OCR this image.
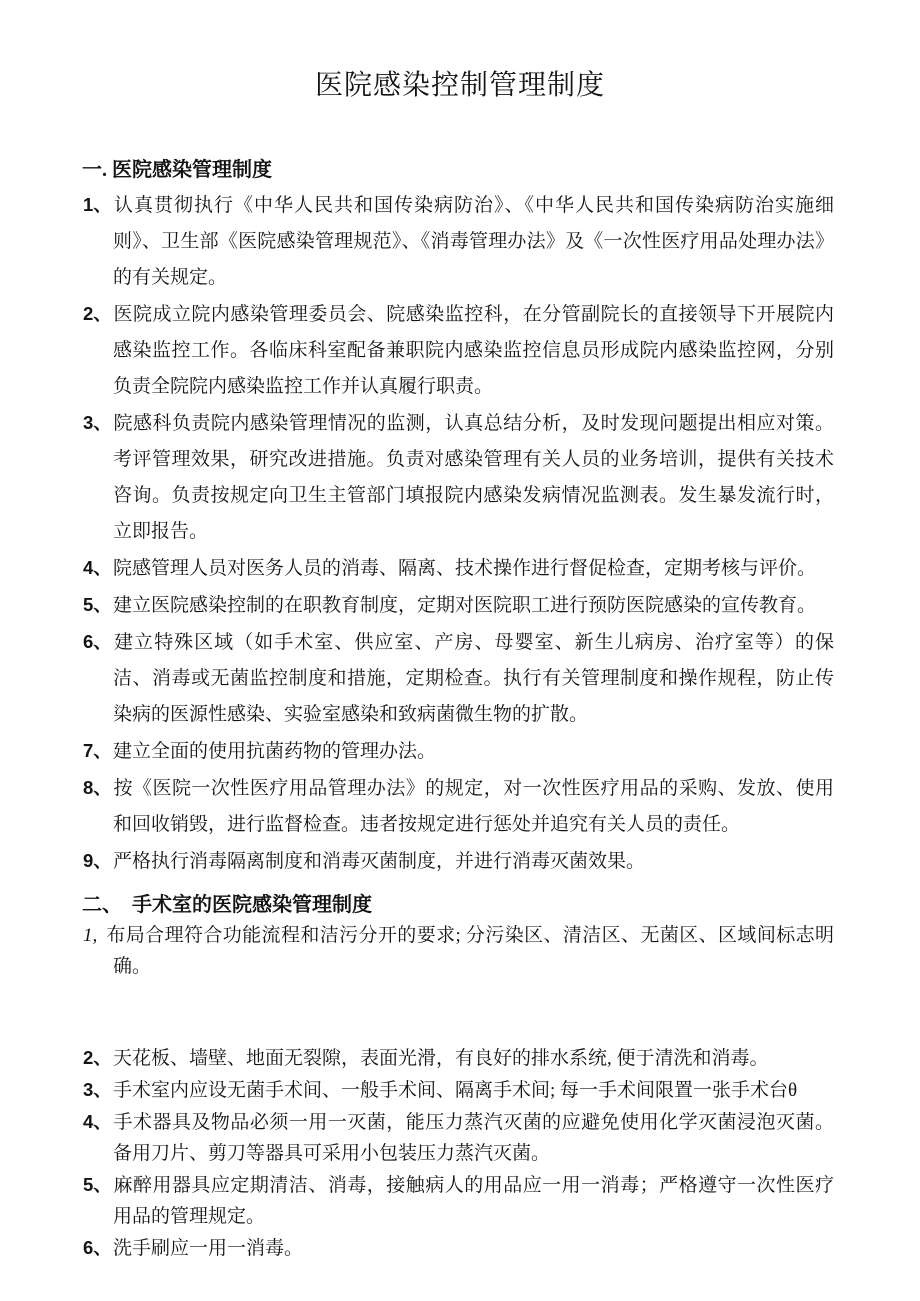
医院感染控制管理制度
一. 医院感染管理制度

1、认真贯彻执行《中华人民共和国传染病防治》、《中华人民共和国传染病防治实施细则》、卫生部《医院感染管理规范》、《消毒管理办法》及《一次性医疗用品处理办法》的有关规定。

2、医院成立院内感染管理委员会、院感染监控科，在分管副院长的直接领导下开展院内感染监控工作。各临床科室配备兼职院内感染监控信息员形成院内感染监控网，分别负责全院院内感染监控工作并认真履行职责。

3、院感科负责院内感染管理情况的监测，认真总结分析，及时发现问题提出相应对策。考评管理效果，研究改进措施。负责对感染管理有关人员的业务培训，提供有关技术咨询。负责按规定向卫生主管部门填报院内感染发病情况监测表。发生暴发流行时，立即报告。

4、院感管理人员对医务人员的消毒、隔离、技术操作进行督促检查，定期考核与评价。

5、建立医院感染控制的在职教育制度，定期对医院职工进行预防医院感染的宣传教育。

6、建立特殊区域（如手术室、供应室、产房、母婴室、新生儿病房、治疗室等）的保洁、消毒或无菌监控制度和措施，定期检查。执行有关管理制度和操作规程，防止传染病的医源性感染、实验室感染和致病菌微生物的扩散。

7、建立全面的使用抗菌药物的管理办法。

8、按《医院一次性医疗用品管理办法》的规定，对一次性医疗用品的采购、发放、使用和回收销毁，进行监督检查。违者按规定进行惩处并追究有关人员的责任。

9、严格执行消毒隔离制度和消毒灭菌制度，并进行消毒灭菌效果。

二、　手术室的医院感染管理制度

1, 布局合理符合功能流程和洁污分开的要求; 分污染区、清洁区、无菌区、区域间标志明确。

2、天花板、墙壁、地面无裂隙，表面光滑，有良好的排水系统, 便于清洗和消毒。

3、手术室内应设无菌手术间、一般手术间、隔离手术间; 每一手术间限置一张手术台θ

4、手术器具及物品必须一用一灭菌，能压力蒸汽灭菌的应避免使用化学灭菌浸泡灭菌。备用刀片、剪刀等器具可采用小包装压力蒸汽灭菌。

5、麻醉用器具应定期清洁、消毒，接触病人的用品应一用一消毒；严格遵守一次性医疗用品的管理规定。

6、洗手刷应一用一消毒。
